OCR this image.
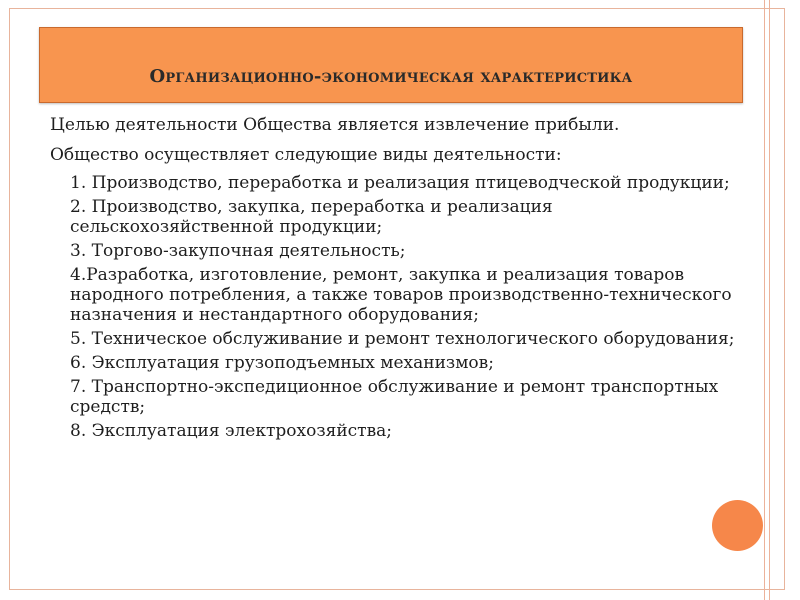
Организационно-экономическая характеристика
Целью деятельности Общества является извлечение прибыли.
Общество осуществляет следующие виды деятельности:
1. Производство, переработка и реализация птицеводческой продукции;
2. Производство, закупка, переработка и реализация сельскохозяйственной продукции;
3. Торгово-закупочная деятельность;
4.Разработка, изготовление, ремонт, закупка и реализация товаров народного потребления, а также товаров производственно-технического назначения и нестандартного оборудования;
5. Техническое обслуживание и ремонт технологического оборудования;
6. Эксплуатация грузоподъемных механизмов;
7. Транспортно-экспедиционное обслуживание и ремонт транспортных средств;
8. Эксплуатация электрохозяйства;
